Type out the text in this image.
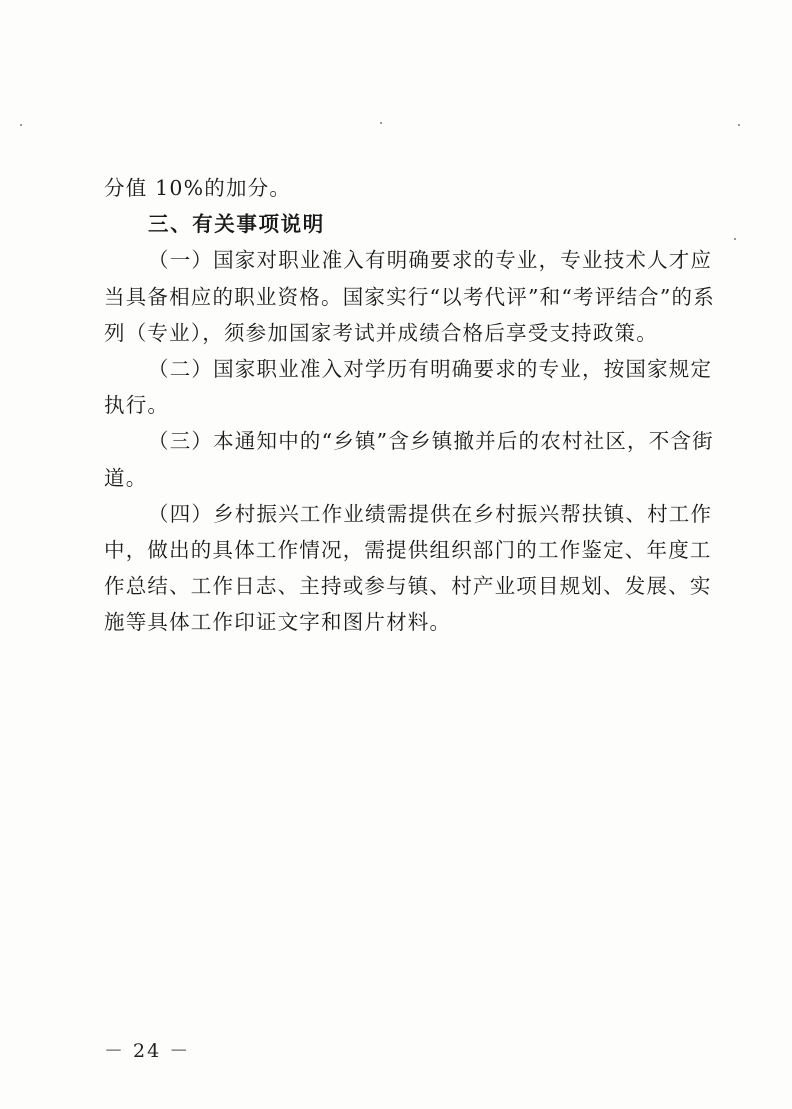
分值 10%的加分。
三、有关事项说明
（一）国家对职业准入有明确要求的专业，专业技术人才应
当具备相应的职业资格。国家实行“以考代评”和“考评结合”的系
列（专业），须参加国家考试并成绩合格后享受支持政策。
（二）国家职业准入对学历有明确要求的专业，按国家规定
执行。
（三）本通知中的“乡镇”含乡镇撤并后的农村社区，不含街
道。
（四）乡村振兴工作业绩需提供在乡村振兴帮扶镇、村工作
中，做出的具体工作情况，需提供组织部门的工作鉴定、年度工
作总结、工作日志、主持或参与镇、村产业项目规划、发展、实
施等具体工作印证文字和图片材料。
－ 24 －
